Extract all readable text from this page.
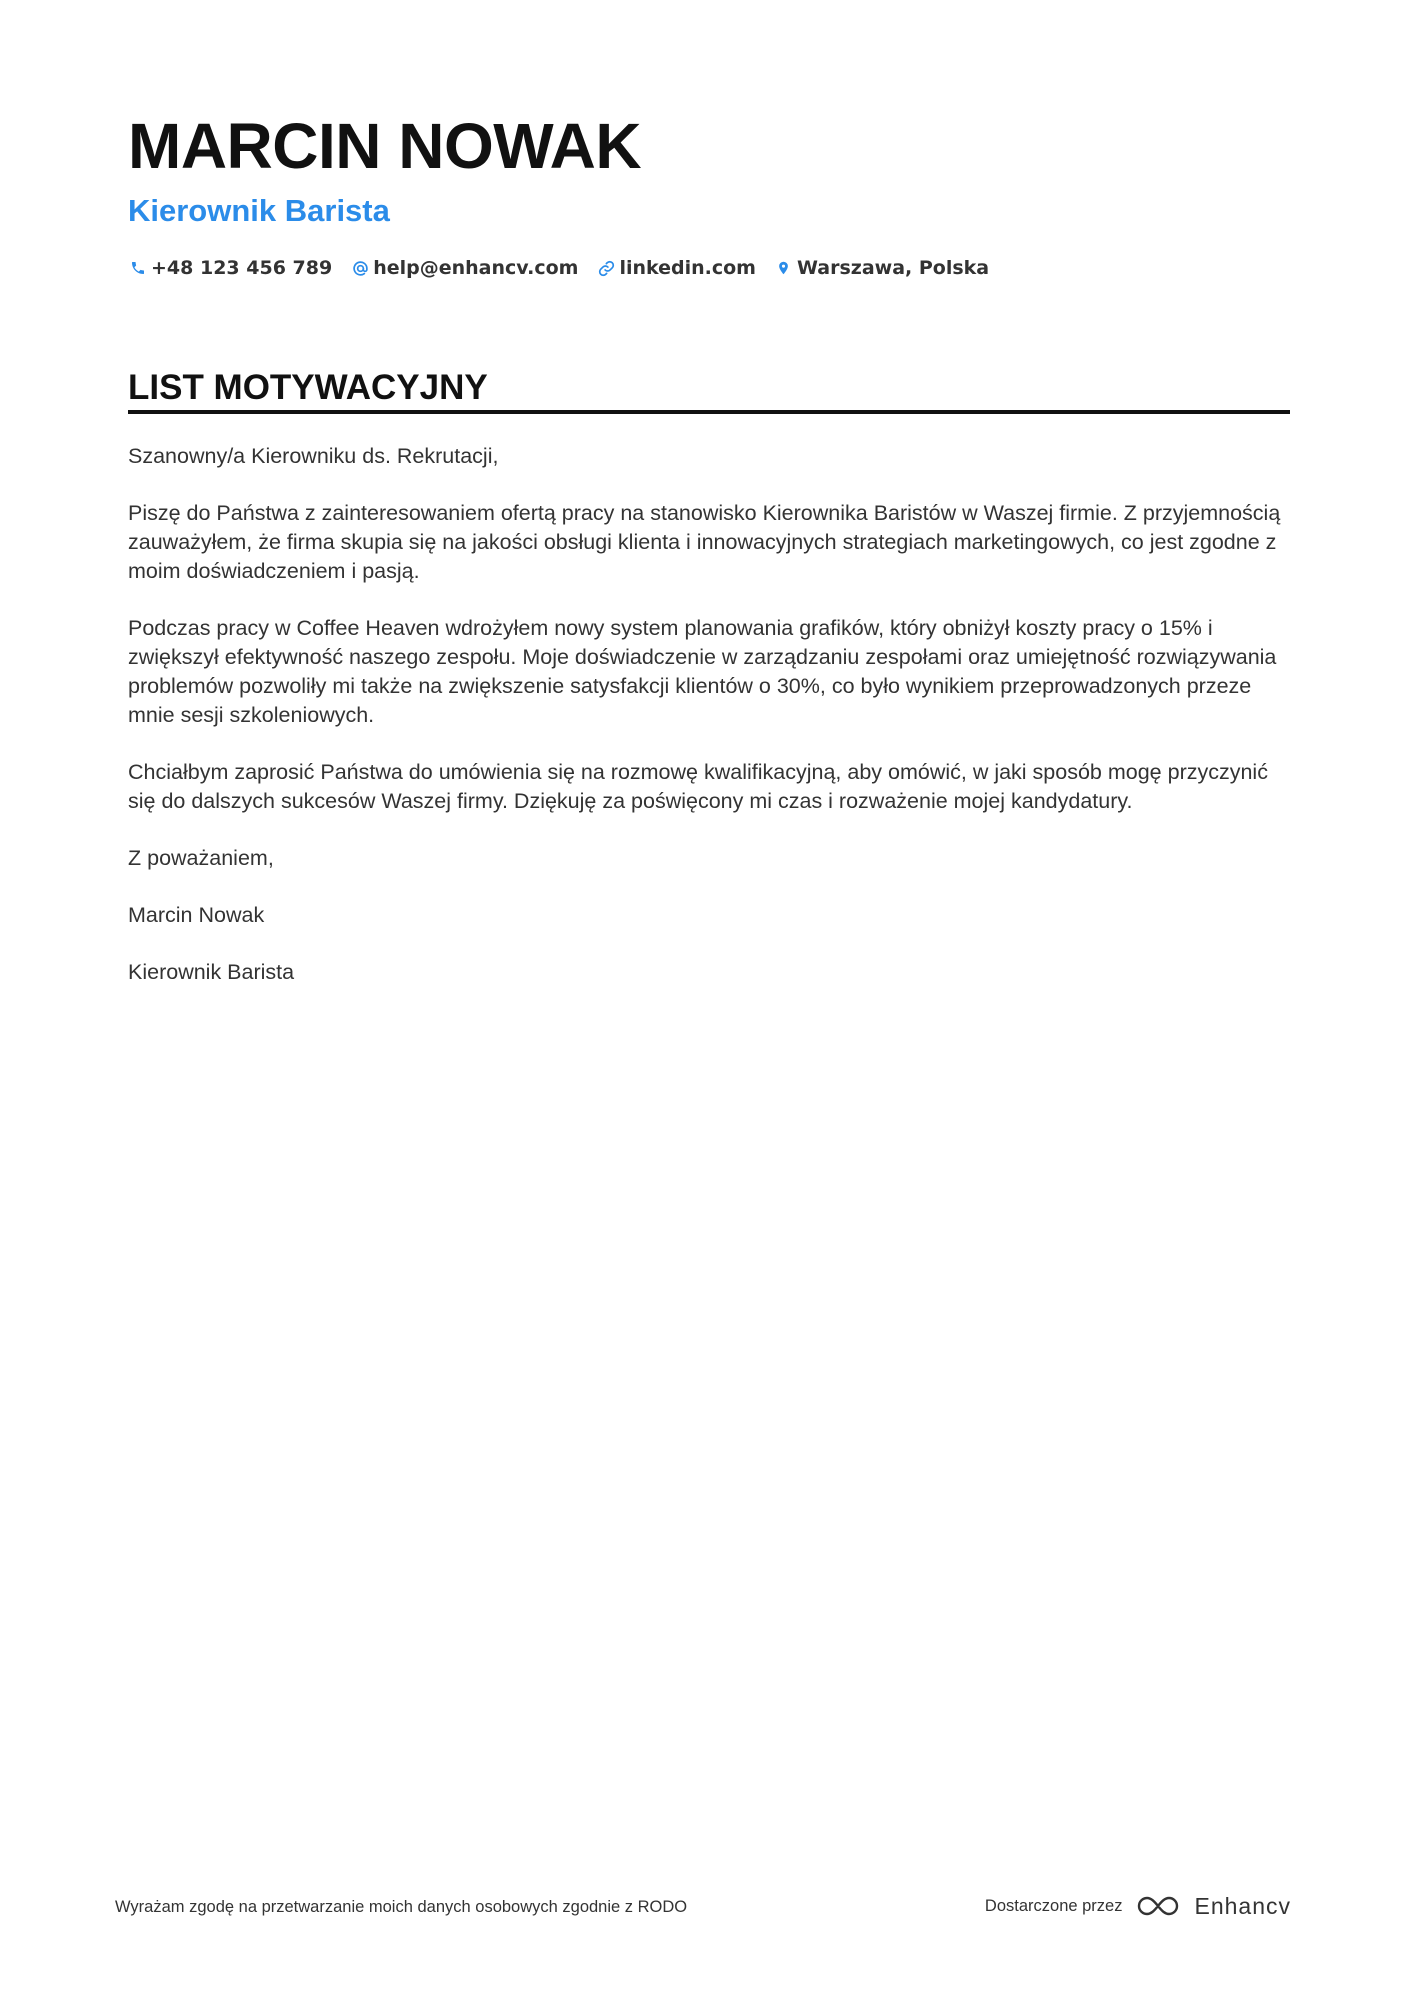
MARCIN NOWAK
Kierownik Barista
+48 123 456 789 help@enhancv.com linkedin.com Warszawa, Polska
LIST MOTYWACYJNY

Szanowny/a Kierowniku ds. Rekrutacji,

Piszę do Państwa z zainteresowaniem ofertą pracy na stanowisko Kierownika Baristów w Waszej firmie. Z przyjemnością zauważyłem, że firma skupia się na jakości obsługi klienta i innowacyjnych strategiach marketingowych, co jest zgodne z moim doświadczeniem i pasją.

Podczas pracy w Coffee Heaven wdrożyłem nowy system planowania grafików, który obniżył koszty pracy o 15% i zwiększył efektywność naszego zespołu. Moje doświadczenie w zarządzaniu zespołami oraz umiejętność rozwiązywania problemów pozwoliły mi także na zwiększenie satysfakcji klientów o 30%, co było wynikiem przeprowadzonych przeze mnie sesji szkoleniowych.

Chciałbym zaprosić Państwa do umówienia się na rozmowę kwalifikacyjną, aby omówić, w jaki sposób mogę przyczynić się do dalszych sukcesów Waszej firmy. Dziękuję za poświęcony mi czas i rozważenie mojej kandydatury.

Z poważaniem,

Marcin Nowak

Kierownik Barista

Wyrażam zgodę na przetwarzanie moich danych osobowych zgodnie z RODO	Dostarczone przez	Enhancv
